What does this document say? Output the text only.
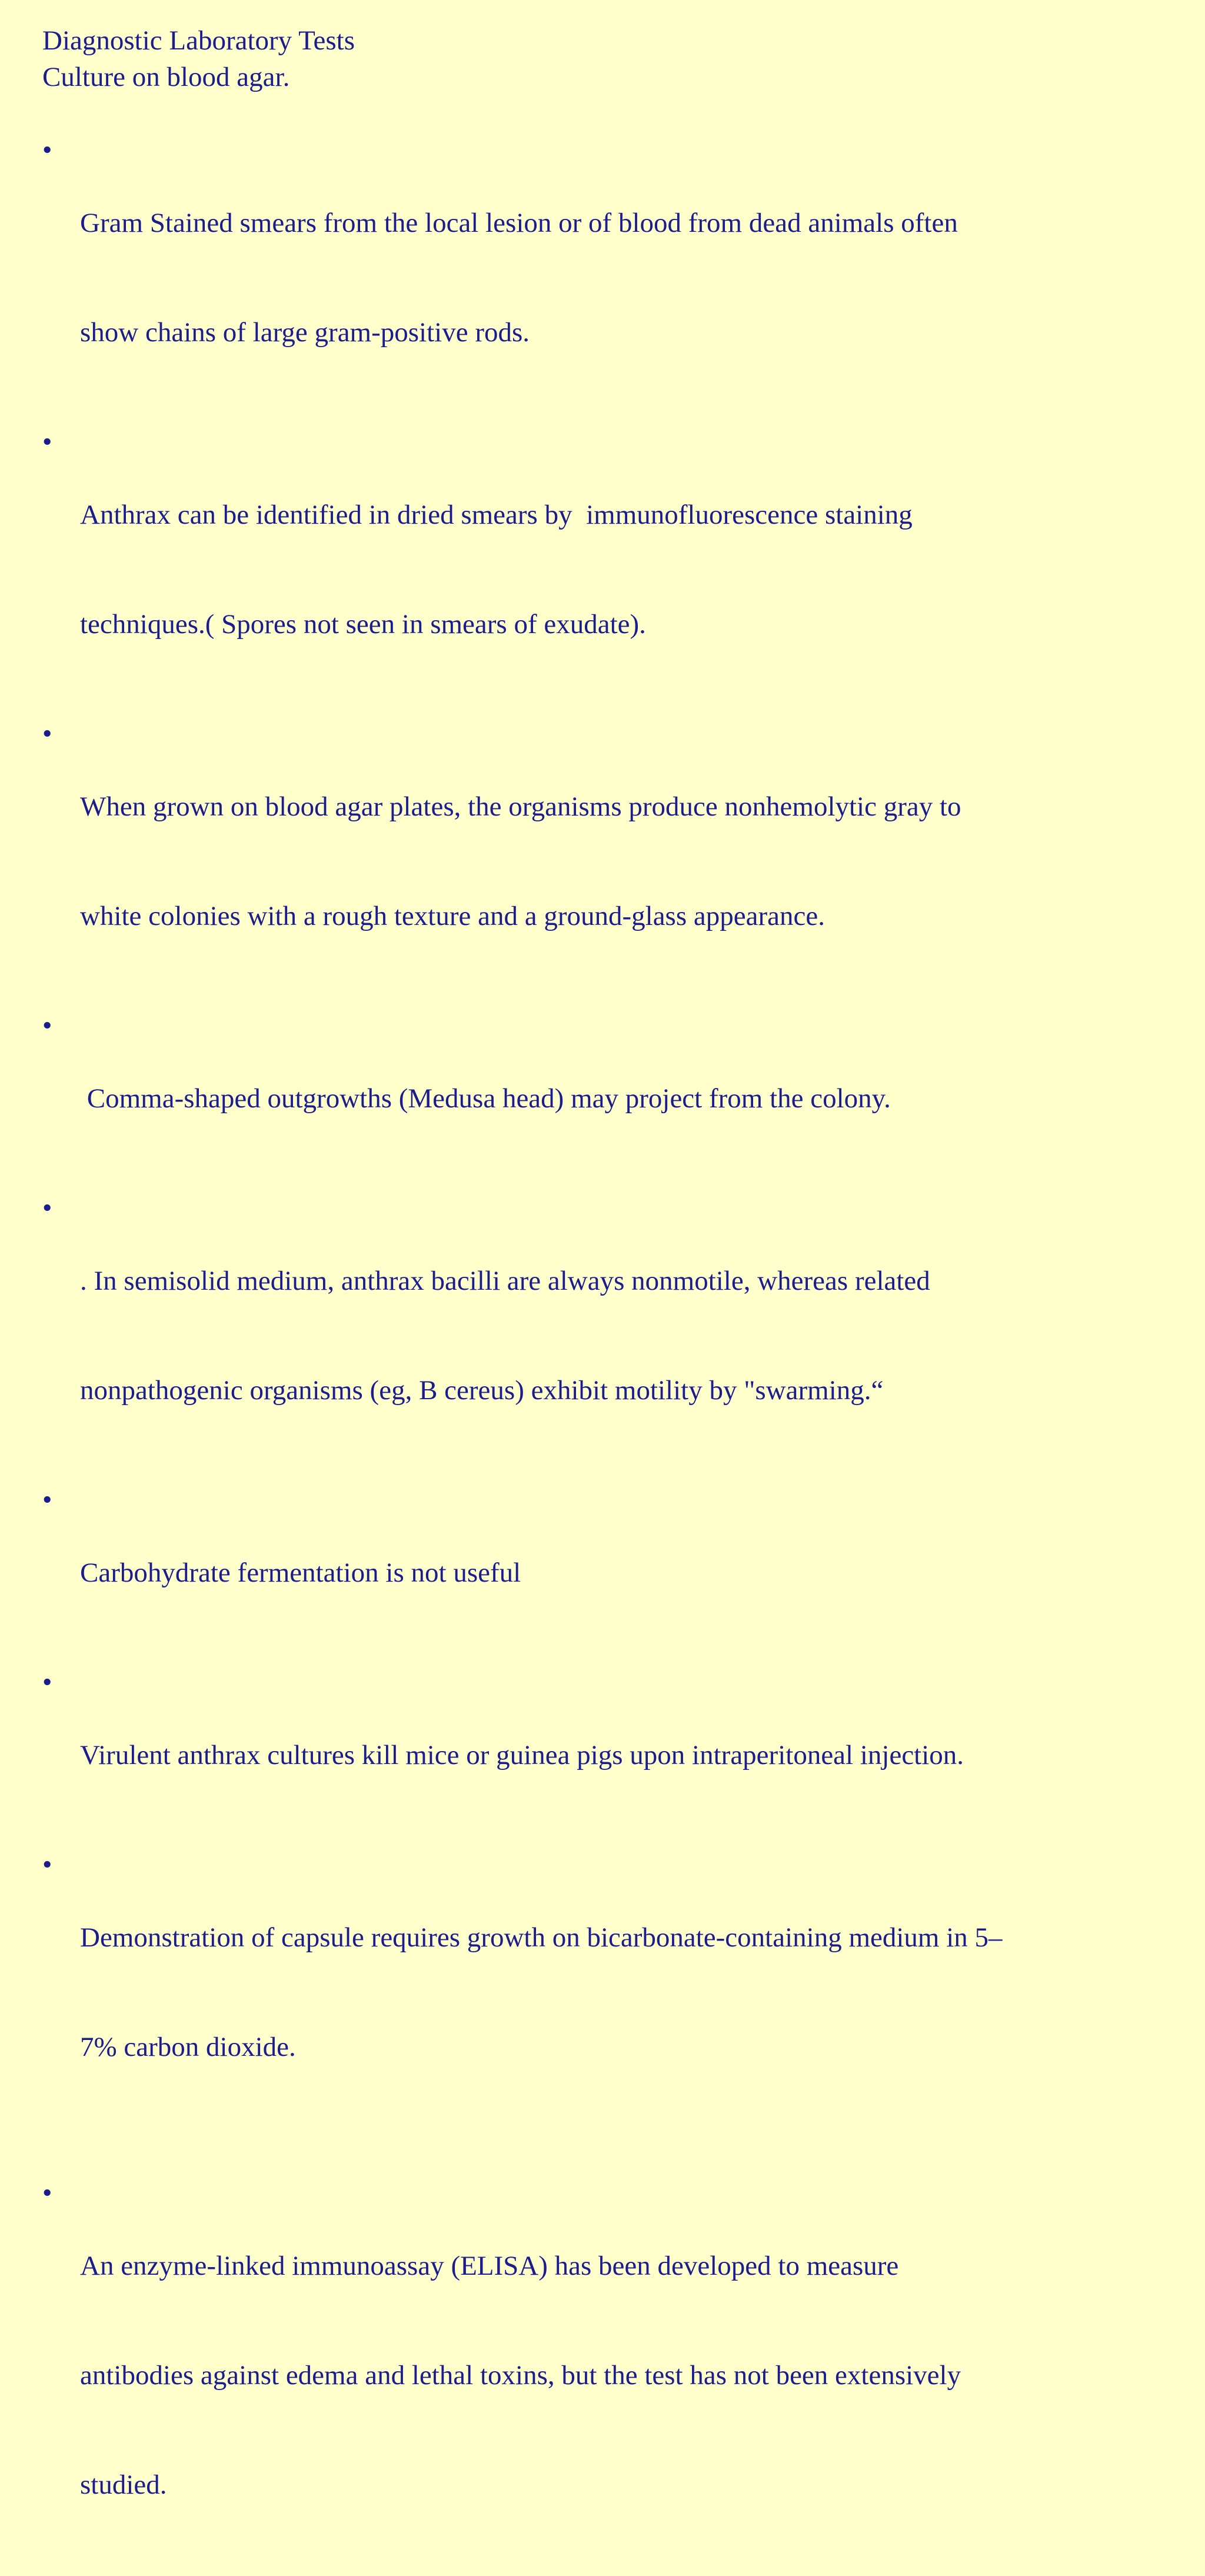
Diagnostic Laboratory Tests
Culture on blood agar.
•

Gram Stained smears from the local lesion or of blood from dead animals often

show chains of large gram-positive rods.

•

Anthrax can be identified in dried smears by  immunofluorescence staining

techniques.( Spores not seen in smears of exudate).

•

When grown on blood agar plates, the organisms produce nonhemolytic gray to

white colonies with a rough texture and a ground-glass appearance.

•

Comma-shaped outgrowths (Medusa head) may project from the colony.

•

. In semisolid medium, anthrax bacilli are always nonmotile, whereas related

nonpathogenic organisms (eg, B cereus) exhibit motility by "swarming.“

•

Carbohydrate fermentation is not useful

•

Virulent anthrax cultures kill mice or guinea pigs upon intraperitoneal injection.

•

Demonstration of capsule requires growth on bicarbonate-containing medium in 5–

7% carbon dioxide.

•

An enzyme-linked immunoassay (ELISA) has been developed to measure

antibodies against edema and lethal toxins, but the test has not been extensively

studied.
